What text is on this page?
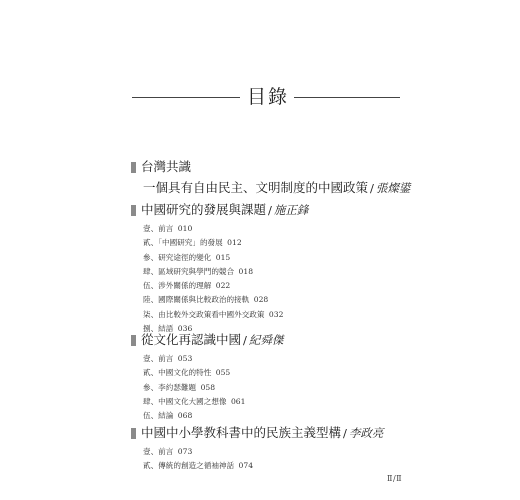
目錄
台灣共識
一個具有自由民主、文明制度的中國政策 / 張燦鍙
中國研究的發展與課題 / 施正鋒
壹、前言 010
貳、「中國研究」的發展 012
參、研究途徑的變化 015
肆、區域研究與學門的競合 018
伍、涉外關係的理解 022
陸、國際關係與比較政治的接軌 028
柒、由比較外交政策看中國外交政策 032
捌、結語 036
從文化再認識中國 / 紀舜傑
壹、前言 053
貳、中國文化的特性 055
參、李約瑟難題 058
肆、中國文化大國之想像 061
伍、結論 068
中國中小學教科書中的民族主義型構 / 李政亮
壹、前言 073
貳、傳統的創造之循袖神話 074
Ⅱ/Ⅱ
